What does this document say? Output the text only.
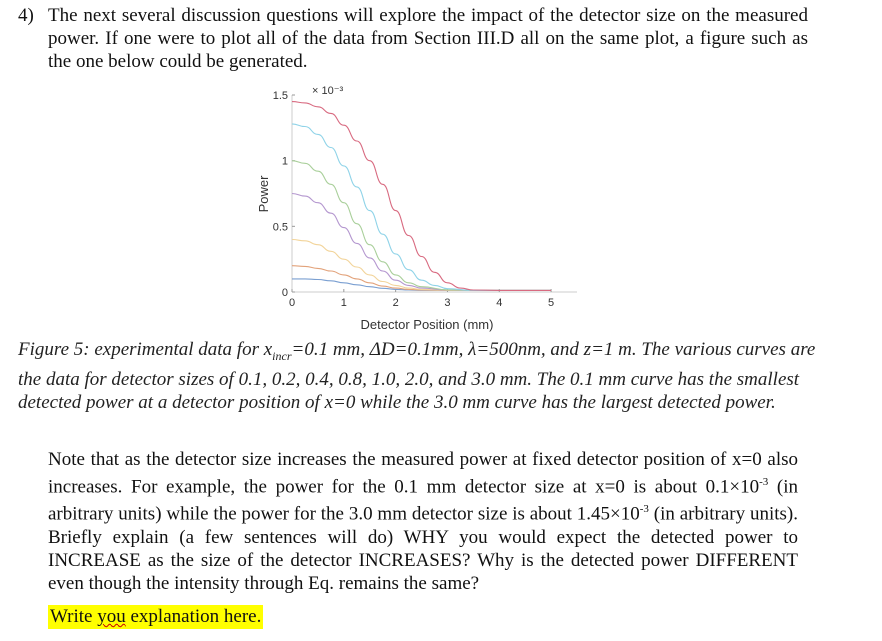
4) The next several discussion questions will explore the impact of the detector size on the measured power. If one were to plot all of the data from Section III.D all on the same plot, a figure such as the one below could be generated.
0	1	2	3	4	5
0
0.5
1
1.5 × 10⁻³
Power
Detector Position (mm)
Figure 5: experimental data for $x_{incr}=0.1$ mm, ΔD=0.1mm, λ=500nm, and z=1 m. The various curves are the data for detector sizes of 0.1, 0.2, 0.4, 0.8, 1.0, 2.0, and 3.0 mm. The 0.1 mm curve has the smallest detected power at a detector position of x=0 while the 3.0 mm curve has the largest detected power.
Note that as the detector size increases the measured power at fixed detector position of x=0 also increases. For example, the power for the 0.1 mm detector size at x=0 is about $0.1\times 10^{-3}$ (in arbitrary units) while the power for the 3.0 mm detector size is about $1.45\times 10^{-3}$ (in arbitrary units). Briefly explain (a few sentences will do) WHY you would expect the detected power to INCREASE as the size of the detector INCREASES? Why is the detected power DIFFERENT even though the intensity through Eq. remains the same?
Write you explanation here.
